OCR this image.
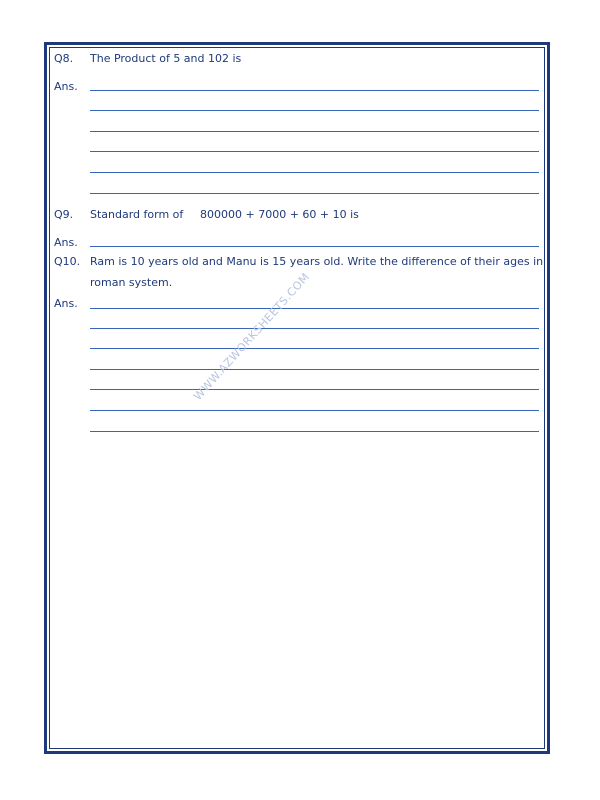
Q8. The Product of 5 and 102 is
Ans.
Q9. Standard form of 800000 + 7000 + 60 + 10 is
Ans.
Q10. Ram is 10 years old and Manu is 15 years old. Write the difference of their ages in
roman system.
Ans.	WWW.AZWORKSHEETS.COM
